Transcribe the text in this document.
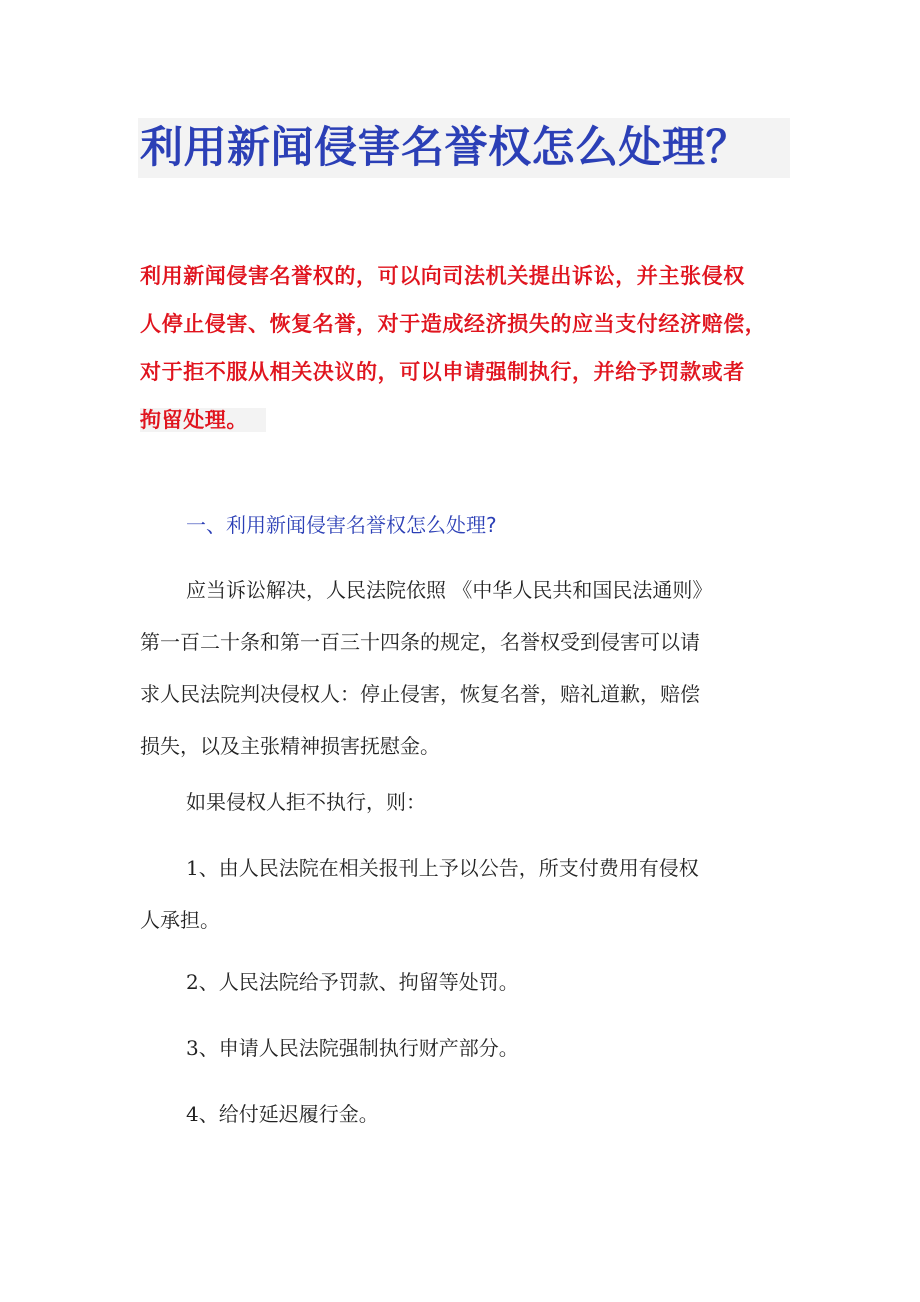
利用新闻侵害名誉权怎么处理？
利用新闻侵害名誉权的，可以向司法机关提出诉讼，并主张侵权
人停止侵害、恢复名誉，对于造成经济损失的应当支付经济赔偿，
对于拒不服从相关决议的，可以申请强制执行，并给予罚款或者
拘留处理。
一、利用新闻侵害名誉权怎么处理?
应当诉讼解决，人民法院依照 《中华人民共和国民法通则》
第一百二十条和第一百三十四条的规定，名誉权受到侵害可以请
求人民法院判决侵权人：停止侵害，恢复名誉，赔礼道歉，赔偿
损失，以及主张精神损害抚慰金。
如果侵权人拒不执行，则：
1、由人民法院在相关报刊上予以公告，所支付费用有侵权
人承担。
2、人民法院给予罚款、拘留等处罚。
3、申请人民法院强制执行财产部分。
4、给付延迟履行金。
